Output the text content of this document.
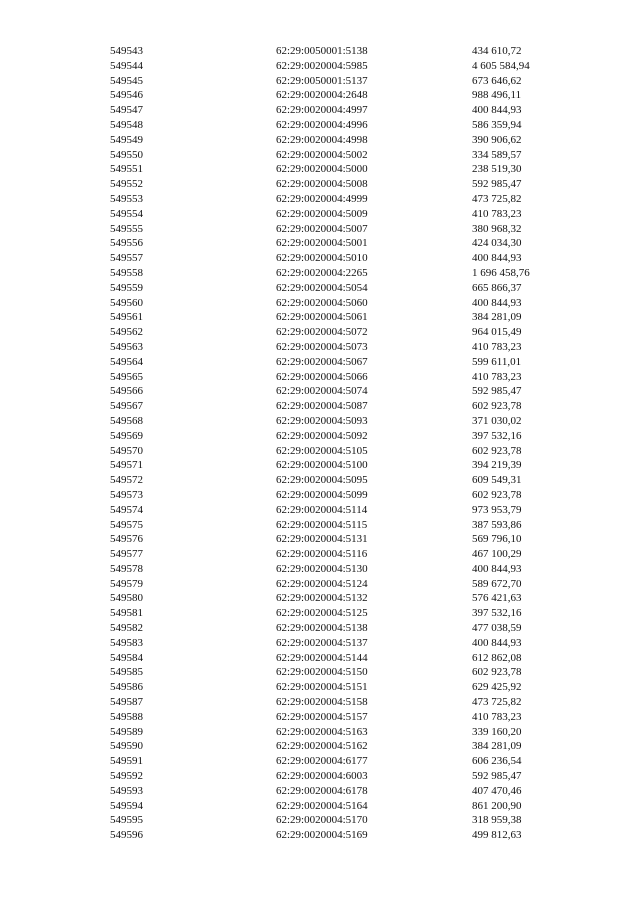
549543	62:29:0050001:5138	434 610,72
549544	62:29:0020004:5985	4 605 584,94
549545	62:29:0050001:5137	673 646,62
549546	62:29:0020004:2648	988 496,11
549547	62:29:0020004:4997	400 844,93
549548	62:29:0020004:4996	586 359,94
549549	62:29:0020004:4998	390 906,62
549550	62:29:0020004:5002	334 589,57
549551	62:29:0020004:5000	238 519,30
549552	62:29:0020004:5008	592 985,47
549553	62:29:0020004:4999	473 725,82
549554	62:29:0020004:5009	410 783,23
549555	62:29:0020004:5007	380 968,32
549556	62:29:0020004:5001	424 034,30
549557	62:29:0020004:5010	400 844,93
549558	62:29:0020004:2265	1 696 458,76
549559	62:29:0020004:5054	665 866,37
549560	62:29:0020004:5060	400 844,93
549561	62:29:0020004:5061	384 281,09
549562	62:29:0020004:5072	964 015,49
549563	62:29:0020004:5073	410 783,23
549564	62:29:0020004:5067	599 611,01
549565	62:29:0020004:5066	410 783,23
549566	62:29:0020004:5074	592 985,47
549567	62:29:0020004:5087	602 923,78
549568	62:29:0020004:5093	371 030,02
549569	62:29:0020004:5092	397 532,16
549570	62:29:0020004:5105	602 923,78
549571	62:29:0020004:5100	394 219,39
549572	62:29:0020004:5095	609 549,31
549573	62:29:0020004:5099	602 923,78
549574	62:29:0020004:5114	973 953,79
549575	62:29:0020004:5115	387 593,86
549576	62:29:0020004:5131	569 796,10
549577	62:29:0020004:5116	467 100,29
549578	62:29:0020004:5130	400 844,93
549579	62:29:0020004:5124	589 672,70
549580	62:29:0020004:5132	576 421,63
549581	62:29:0020004:5125	397 532,16
549582	62:29:0020004:5138	477 038,59
549583	62:29:0020004:5137	400 844,93
549584	62:29:0020004:5144	612 862,08
549585	62:29:0020004:5150	602 923,78
549586	62:29:0020004:5151	629 425,92
549587	62:29:0020004:5158	473 725,82
549588	62:29:0020004:5157	410 783,23
549589	62:29:0020004:5163	339 160,20
549590	62:29:0020004:5162	384 281,09
549591	62:29:0020004:6177	606 236,54
549592	62:29:0020004:6003	592 985,47
549593	62:29:0020004:6178	407 470,46
549594	62:29:0020004:5164	861 200,90
549595	62:29:0020004:5170	318 959,38
549596	62:29:0020004:5169	499 812,63
